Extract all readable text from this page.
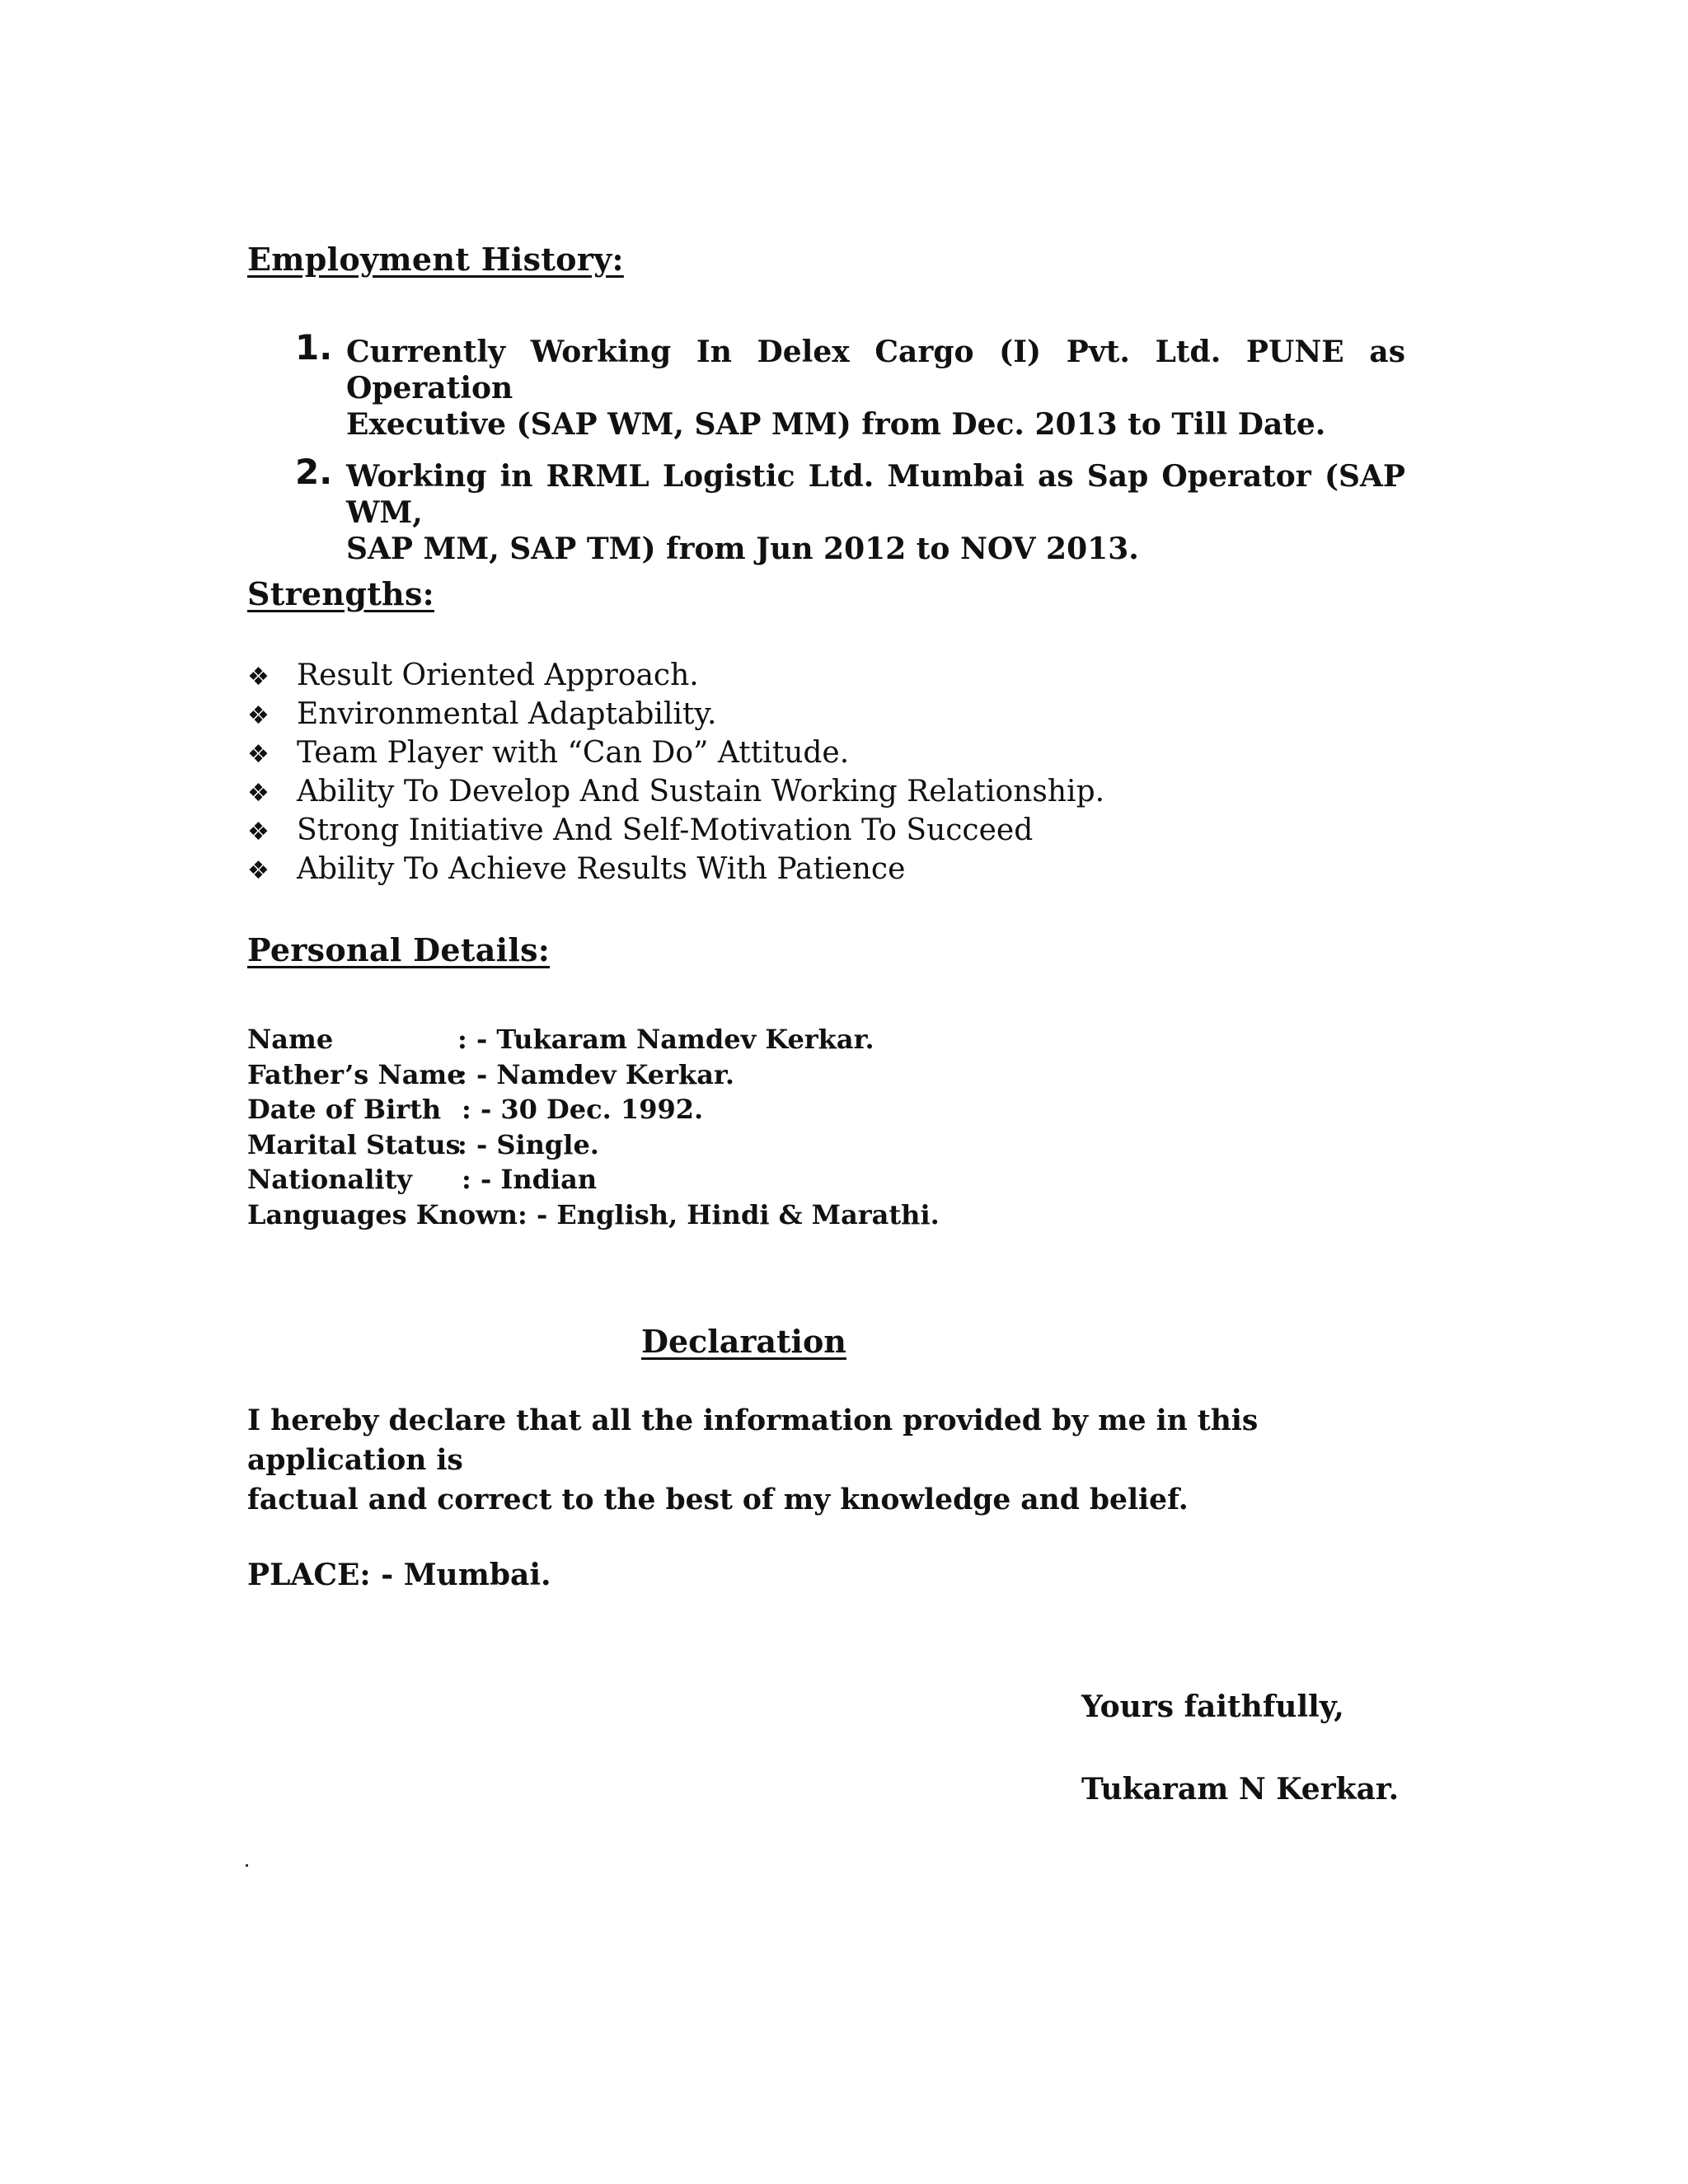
Employment History:
1. Currently Working In Delex Cargo (I) Pvt. Ltd. PUNE as Operation
Executive (SAP WM, SAP MM) from Dec. 2013 to Till Date.
2. Working in RRML Logistic Ltd. Mumbai as Sap Operator (SAP WM,
SAP MM, SAP TM) from Jun 2012 to NOV 2013.
Strengths:
❖ Result Oriented Approach.
❖ Environmental Adaptability.
❖ Team Player with “Can Do” Attitude.
❖ Ability To Develop And Sustain Working Relationship.
❖ Strong Initiative And Self-Motivation To Succeed
❖ Ability To Achieve Results With Patience
Personal Details:
Name	: - Tukaram Namdev Kerkar.
Father’s Name: - Namdev Kerkar.
Date of Birth : - 30 Dec. 1992.
Marital Status: - Single.
Nationality : - Indian
Languages Known: - English, Hindi & Marathi.
Declaration
I hereby declare that all the information provided by me in this application is
factual and correct to the best of my knowledge and belief.
PLACE: - Mumbai.
Yours faithfully,
Tukaram N Kerkar.
